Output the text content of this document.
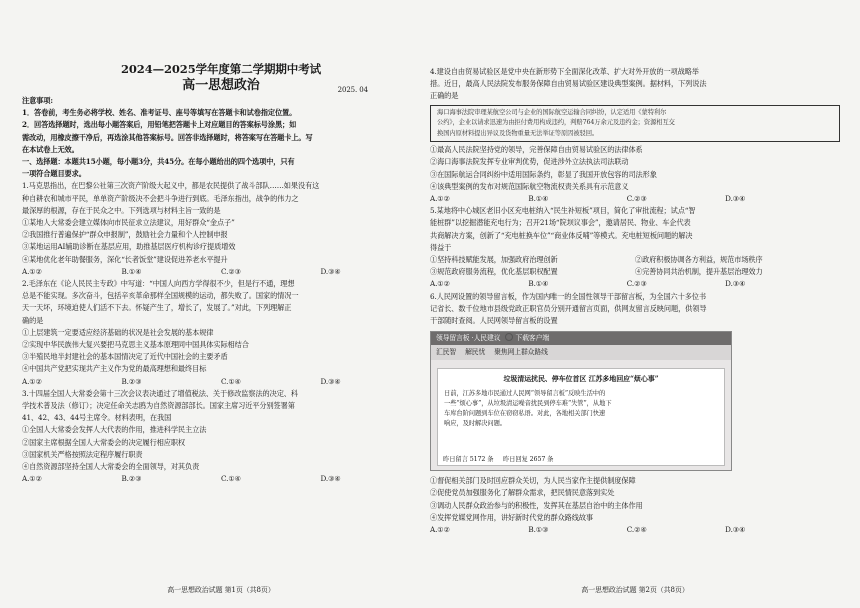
2024—2025学年度第二学期期中考试
高一思想政治	2025. 04
注意事项:
1．答卷前，考生务必将学校、姓名、准考证号、座号等填写在答题卡和试卷指定位置。
2．回答选择题时，选出每小题答案后，用铅笔把答题卡上对应题目的答案标号涂黑；如
需改动，用橡皮擦干净后，再选涂其他答案标号。回答非选择题时，将答案写在答题卡上。写
在本试卷上无效。
一、选择题：本题共15小题，每小题3分，共45分。在每小题给出的四个选项中，只有
一项符合题目要求。
1.马克思指出，在巴黎公社第三次资产阶级大起义中，都是农民提供了战斗部队……如果没有这
种自耕农和城市平民，单单资产阶级决不会把斗争进行到底。毛泽东指出，战争的伟力之
最深厚的根源，存在于民众之中。下列选项与材料主旨一致的是
①某地人大常委会建立媒体向市民征求立法建议，用好群众“金点子”
②我国推行普遍保护“群众申报制”，鼓励社会力量和个人控制申报
③某地运用AI辅助诊断在基层应用，助推基层医疗机构诊疗提质增效
④某地优化老年助餐服务，深化“长者饭堂”建设促进养老水平提升
A.①②	B.①④	C.②③	D.③④
2.毛泽东在《论人民民主专政》中写道：“中国人向西方学得很不少，但是行不通，理想
总是不能实现。多次奋斗，包括辛亥革命那样全国规模的运动，都失败了。国家的情况一
天一天坏，环境迫使人们活不下去。怀疑产生了，增长了，发展了。”对此，下列理解正
确的是
①上层建筑一定要适应经济基础的状况是社会发展的基本规律
②实现中华民族伟大复兴要把马克思主义基本原理同中国具体实际相结合
③半殖民地半封建社会的基本国情决定了近代中国社会的主要矛盾
④中国共产党把实现共产主义作为党的最高理想和最终目标
A.①②	B.②③	C.①④	D.③④
3.十四届全国人大常委会第十三次会议表决通过了增值税法、关于修改监察法的决定、科
学技术普及法（修订）；决定任命关志鸥为自然资源部部长。国家主席习近平分别签署第
41、42、43、44号主席令。材料表明，在我国
①全国人大常委会发挥人大代表的作用，推进科学民主立法
②国家主席根据全国人大常委会的决定履行相应职权
③国家机关严格按照法定程序履行职责
④自然资源部坚持全国人大常委会的全面领导，对其负责
A.①②	B.②③	C.①④	D.③④
高一思想政治试题 第1页（共8页）
4.建设自由贸易试验区是党中央在新形势下全面深化改革、扩大对外开放的一项战略举
措。近日，最高人民法院发布服务保障自由贸易试验区建设典型案例。据材料，下列说法
正确的是
海口海事法院审理某航空公司与企业的国际航空运输合同纠纷，认定适用《蒙特利尔
公约》，企业以请求迅速为由拒付费用构成违约，判赔764万余元及违约金；资源相互交
换国内原材料提出异议及货物重量无法举证等原因被驳回。
①最高人民法院坚持党的领导，完善保障自由贸易试验区的法律体系
②海口海事法院发挥专业审判优势，促进涉外立法执法司法联动
③在国际航运合同纠纷中适用国际条约，彰显了我国开放包容的司法形象
④该典型案例的发布对规范国际航空物流权责关系具有示范意义
A.①②	B.①④	C.②③	D.③④
5.某地将中心城区老旧小区充电桩纳入“民生补短板”项目，简化了审批流程；试点“智
能桩群”以挖掘潜能充电行为；召开21场“院坝议事会”，邀请居民、物业、车企代表
共商解决方案，创新了“充电桩换车位”“商业体反哺”等模式。充电桩短板问题的解决
得益于
①坚持科技赋能发展，加强政府治理创新	②政府积极协调各方利益，规范市场秩序
③规范政府服务流程，优化基层职权配置	④完善协同共治机制，提升基层治理效力
A.①②	B.①④	C.②③	D.③④
6.人民网设置的领导留言板，作为国内唯一的全国性领导干部留言板，为全国六十多位书
记省长、数千位地市县级党政正职官员分别开通留言页面，供网友留言反映问题，供领导
干部随时查阅。人民网领导留言板的设置
领导留言板 ·人民建议 下载客户端
汇民智 解民忧 聚焦网上群众路线
垃圾清运扰民、停车位首区 江苏多地回应“烦心事”
日前，江苏多地市民通过人民网“领导留言板”反映生活中的
一些“烦心事”，从垃圾清运噪音扰民到停车难“失管”，从地下
车库台阶问题到车位在窃窃私语。对此，各地相关部门快速
响应，及时解决问题。
昨日留言 5172 条 昨日回复 2657 条
①督促相关部门及时回应群众关切，为人民当家作主提供制度保障
②促使党员加强服务化了解群众需求，把民情民意落到实处
③调动人民群众政治参与的积极性，发挥其在基层自治中的主体作用
④发挥党媒党网作用，讲好新时代党的群众路线故事
A.①②	B.①③	C.②④	D.③④
高一思想政治试题 第2页（共8页）
